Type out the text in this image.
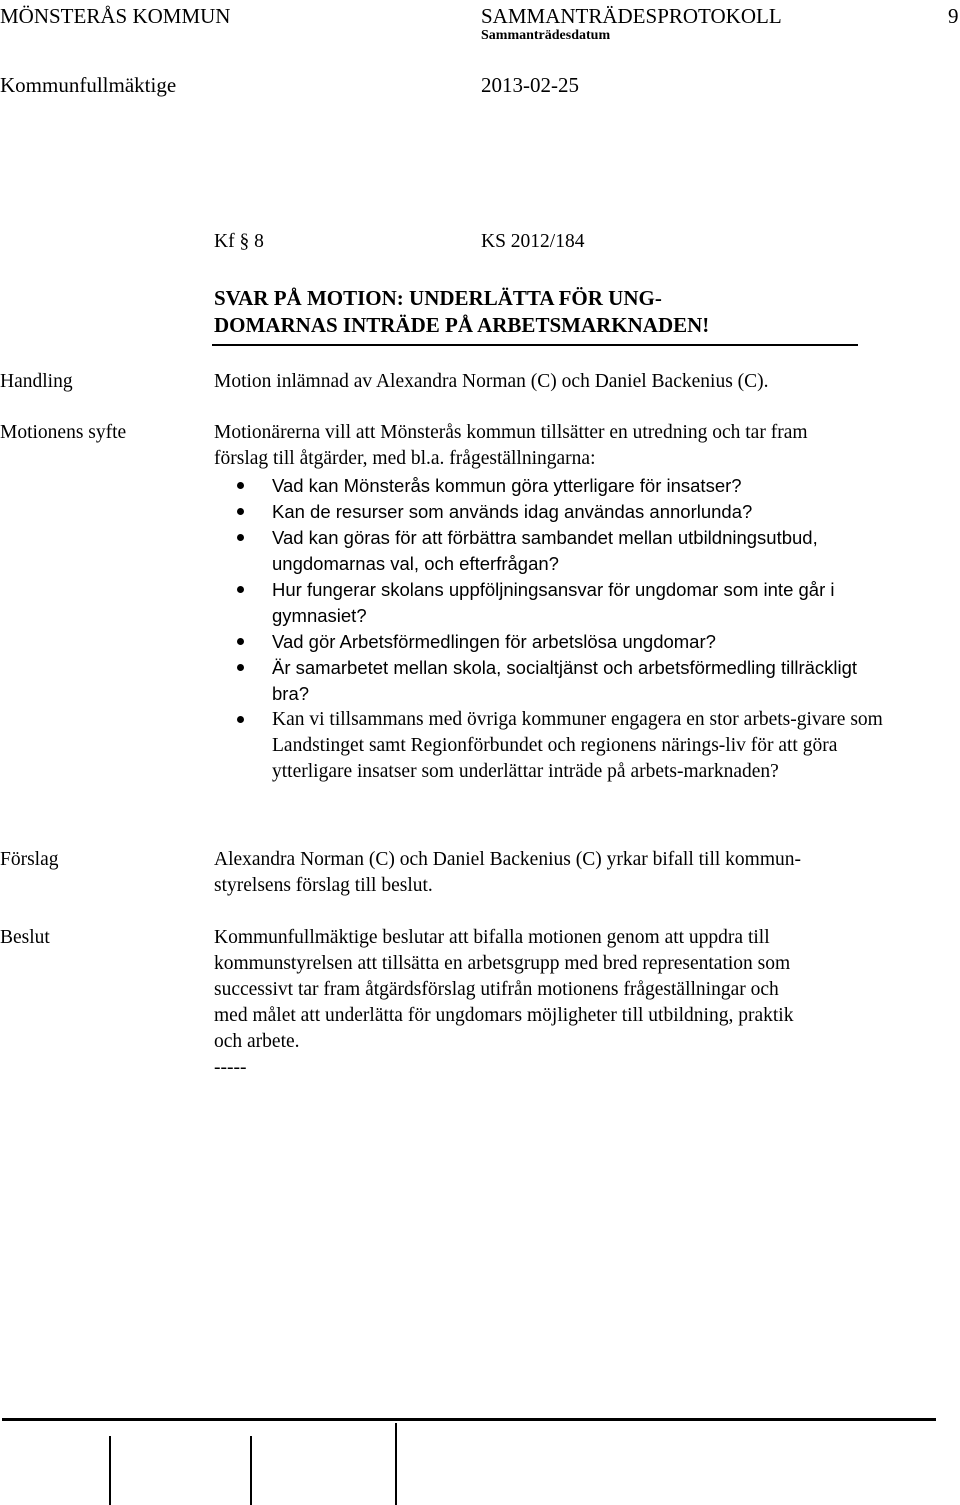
MÖNSTERÅS KOMMUN	SAMMANTRÄDESPROTOKOLL	9
Sammanträdesdatum
Kommunfullmäktige	2013-02-25
Kf § 8	KS 2012/184
SVAR PÅ MOTION: UNDERLÄTTA FÖR UNG-
DOMARNAS INTRÄDE PÅ ARBETSMARKNADEN!
Handling	Motion inlämnad av Alexandra Norman (C) och Daniel Backenius (C).
Motionens syfte	Motionärerna vill att Mönsterås kommun tillsätter en utredning och tar fram
förslag till åtgärder, med bl.a. frågeställningarna:
Vad kan Mönsterås kommun göra ytterligare för insatser?
Kan de resurser som används idag användas annorlunda?
Vad kan göras för att förbättra sambandet mellan utbildningsutbud, ungdomarnas val, och efterfrågan?
Hur fungerar skolans uppföljningsansvar för ungdomar som inte går i gymnasiet?
Vad gör Arbetsförmedlingen för arbetslösa ungdomar?
Är samarbetet mellan skola, socialtjänst och arbetsförmedling tillräckligt bra?
Kan vi tillsammans med övriga kommuner engagera en stor arbets-givare som Landstinget samt Regionförbundet och regionens närings-liv för att göra ytterligare insatser som underlättar inträde på arbets-marknaden?
Förslag	Alexandra Norman (C) och Daniel Backenius (C) yrkar bifall till kommun-
styrelsens förslag till beslut.
Beslut	Kommunfullmäktige beslutar att bifalla motionen genom att uppdra till
kommunstyrelsen att tillsätta en arbetsgrupp med bred representation som
successivt tar fram åtgärdsförslag utifrån motionens frågeställningar och
med målet att underlätta för ungdomars möjligheter till utbildning, praktik
och arbete.
-----
